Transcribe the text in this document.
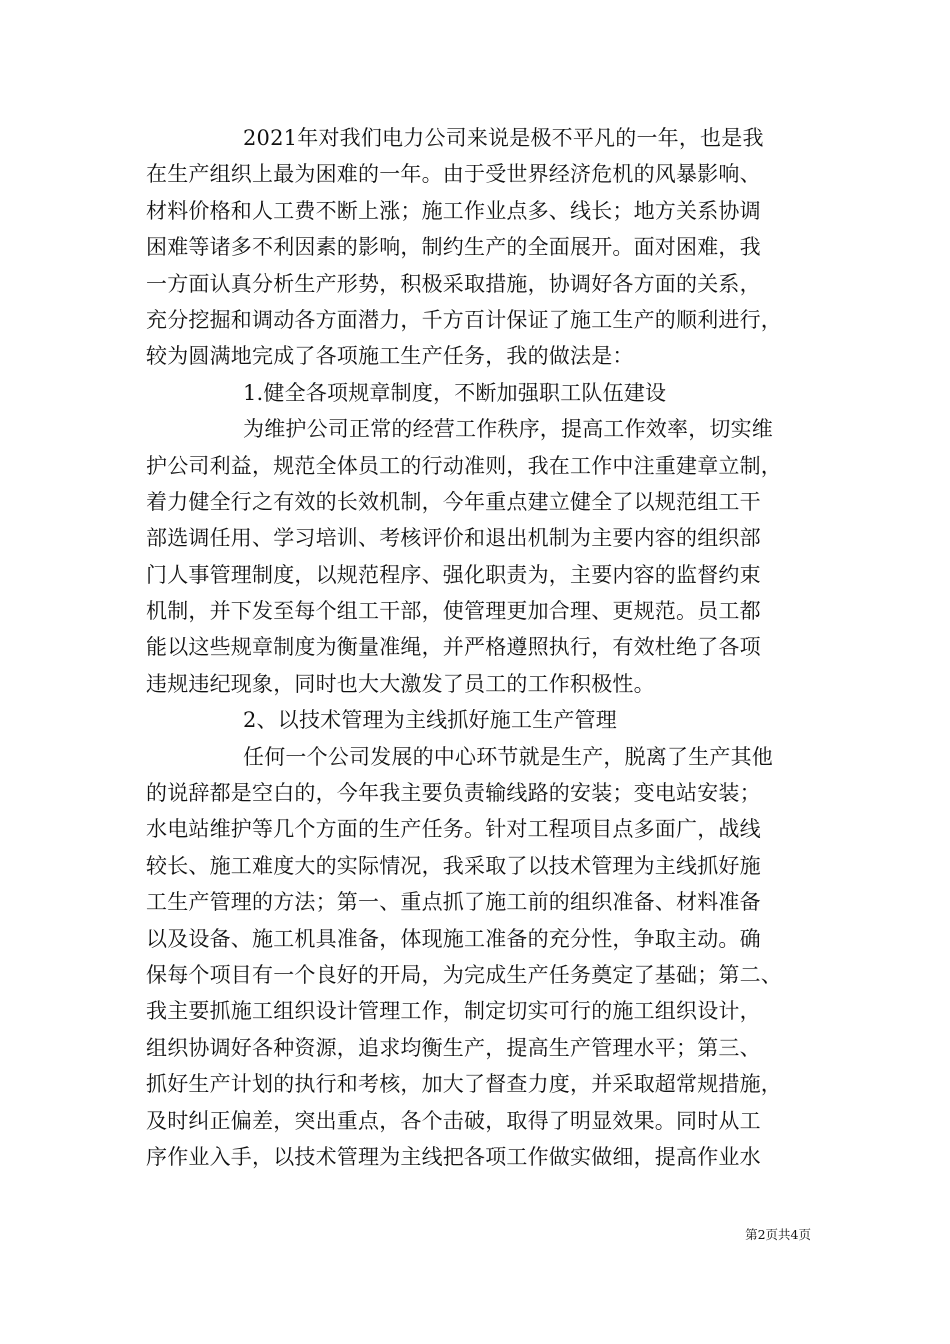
2021年对我们电力公司来说是极不平凡的一年，也是我
在生产组织上最为困难的一年。由于受世界经济危机的风暴影响、
材料价格和人工费不断上涨；施工作业点多、线长；地方关系协调
困难等诸多不利因素的影响，制约生产的全面展开。面对困难，我
一方面认真分析生产形势，积极采取措施，协调好各方面的关系，
充分挖掘和调动各方面潜力，千方百计保证了施工生产的顺利进行，
较为圆满地完成了各项施工生产任务，我的做法是：
1.健全各项规章制度，不断加强职工队伍建设
为维护公司正常的经营工作秩序，提高工作效率，切实维
护公司利益，规范全体员工的行动准则，我在工作中注重建章立制，
着力健全行之有效的长效机制，今年重点建立健全了以规范组工干
部选调任用、学习培训、考核评价和退出机制为主要内容的组织部
门人事管理制度，以规范程序、强化职责为，主要内容的监督约束
机制，并下发至每个组工干部，使管理更加合理、更规范。员工都
能以这些规章制度为衡量准绳，并严格遵照执行，有效杜绝了各项
违规违纪现象，同时也大大激发了员工的工作积极性。
2、以技术管理为主线抓好施工生产管理
任何一个公司发展的中心环节就是生产，脱离了生产其他
的说辞都是空白的，今年我主要负责输线路的安装；变电站安装；
水电站维护等几个方面的生产任务。针对工程项目点多面广，战线
较长、施工难度大的实际情况，我采取了以技术管理为主线抓好施
工生产管理的方法；第一、重点抓了施工前的组织准备、材料准备
以及设备、施工机具准备，体现施工准备的充分性，争取主动。确
保每个项目有一个良好的开局，为完成生产任务奠定了基础；第二、
我主要抓施工组织设计管理工作，制定切实可行的施工组织设计，
组织协调好各种资源，追求均衡生产，提高生产管理水平；第三、
抓好生产计划的执行和考核，加大了督查力度，并采取超常规措施，
及时纠正偏差，突出重点，各个击破，取得了明显效果。同时从工
序作业入手，以技术管理为主线把各项工作做实做细，提高作业水
第2页共4页
